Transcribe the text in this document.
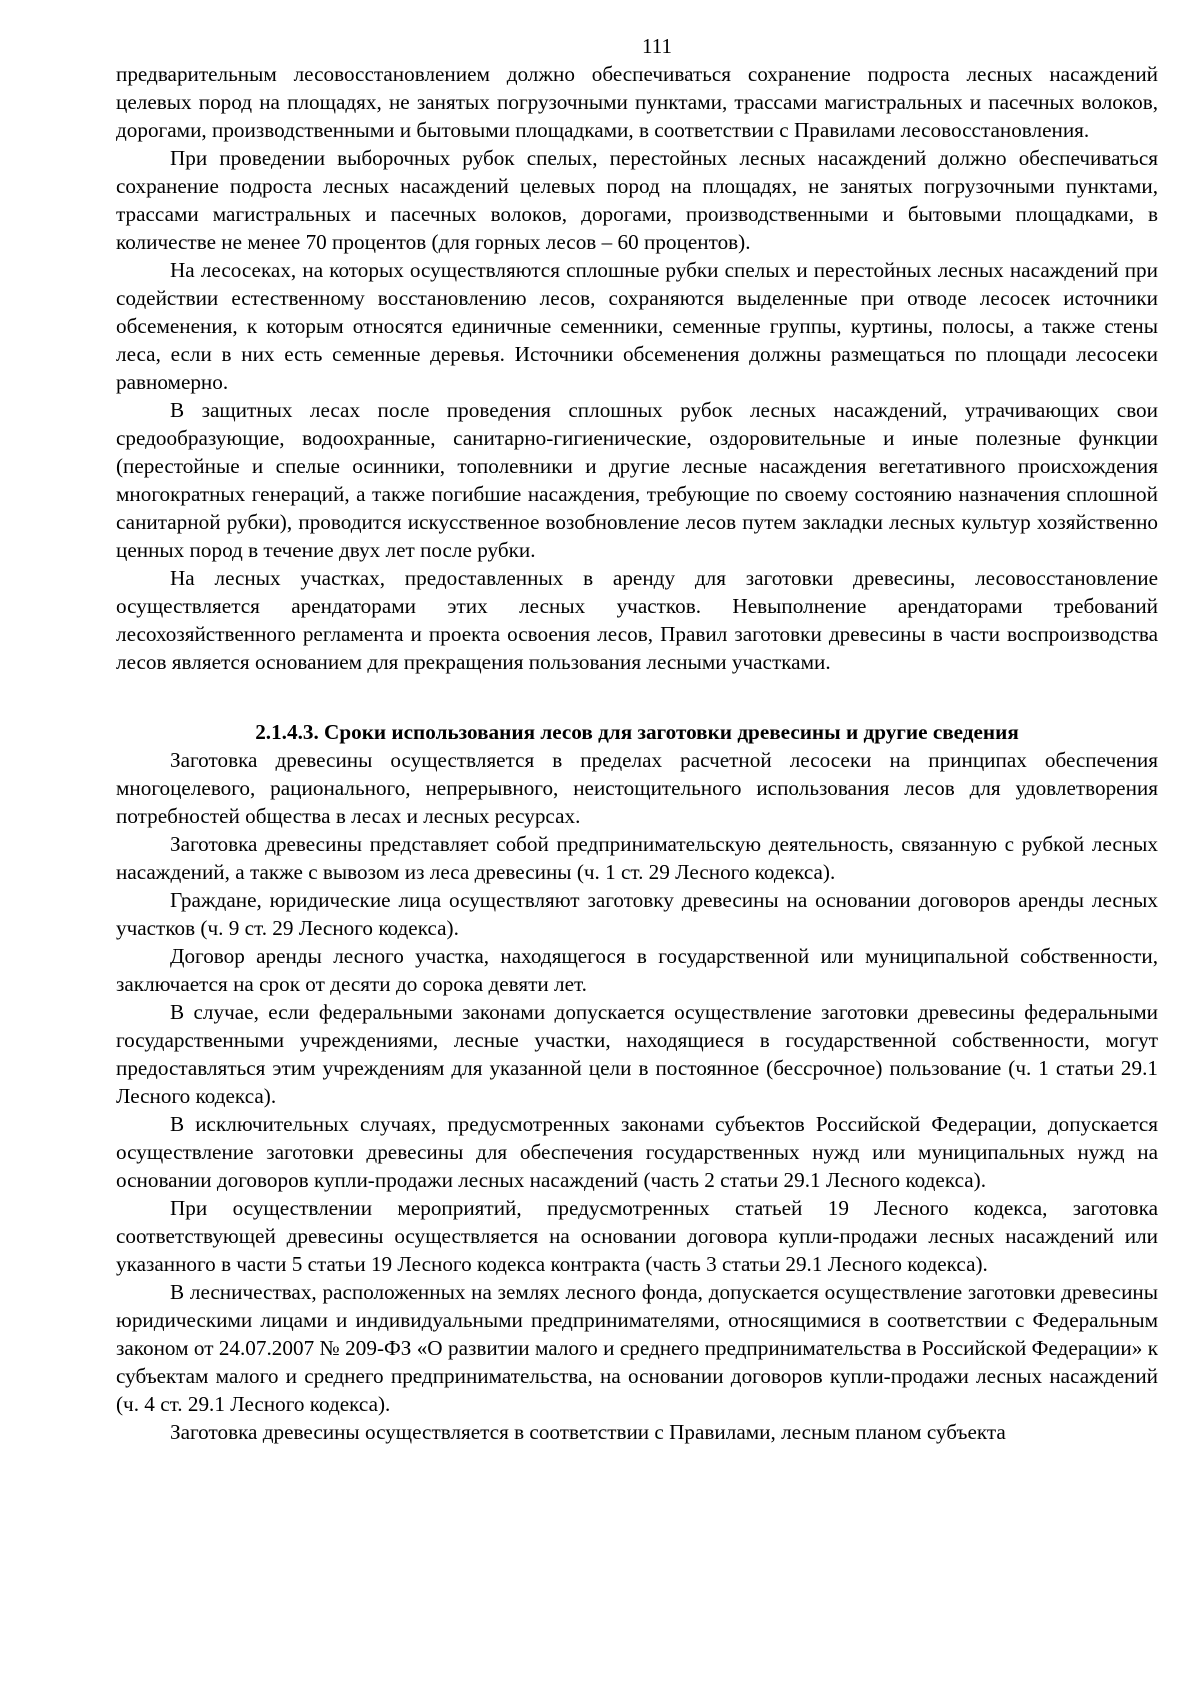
111

предварительным лесовосстановлением должно обеспечиваться сохранение подроста лесных насаждений целевых пород на площадях, не занятых погрузочными пунктами, трассами магистральных и пасечных волоков, дорогами, производственными и бытовыми площадками, в соответствии с Правилами лесовосстановления.

При проведении выборочных рубок спелых, перестойных лесных насаждений должно обеспечиваться сохранение подроста лесных насаждений целевых пород на площадях, не занятых погрузочными пунктами, трассами магистральных и пасечных волоков, дорогами, производственными и бытовыми площадками, в количестве не менее 70 процентов (для горных лесов – 60 процентов).

На лесосеках, на которых осуществляются сплошные рубки спелых и перестойных лесных насаждений при содействии естественному восстановлению лесов, сохраняются выделенные при отводе лесосек источники обсеменения, к которым относятся единичные семенники, семенные группы, куртины, полосы, а также стены леса, если в них есть семенные деревья. Источники обсеменения должны размещаться по площади лесосеки равномерно.

В защитных лесах после проведения сплошных рубок лесных насаждений, утрачивающих свои средообразующие, водоохранные, санитарно-гигиенические, оздоровительные и иные полезные функции (перестойные и спелые осинники, тополевники и другие лесные насаждения вегетативного происхождения многократных генераций, а также погибшие насаждения, требующие по своему состоянию назначения сплошной санитарной рубки), проводится искусственное возобновление лесов путем закладки лесных культур хозяйственно ценных пород в течение двух лет после рубки.

На лесных участках, предоставленных в аренду для заготовки древесины, лесовосстановление осуществляется арендаторами этих лесных участков. Невыполнение арендаторами требований лесохозяйственного регламента и проекта освоения лесов, Правил заготовки древесины в части воспроизводства лесов является основанием для прекращения пользования лесными участками.

2.1.4.3. Сроки использования лесов для заготовки древесины и другие сведения

Заготовка древесины осуществляется в пределах расчетной лесосеки на принципах обеспечения многоцелевого, рационального, непрерывного, неистощительного использования лесов для удовлетворения потребностей общества в лесах и лесных ресурсах.

Заготовка древесины представляет собой предпринимательскую деятельность, связанную с рубкой лесных насаждений, а также с вывозом из леса древесины (ч. 1 ст. 29 Лесного кодекса).

Граждане, юридические лица осуществляют заготовку древесины на основании договоров аренды лесных участков (ч. 9 ст. 29 Лесного кодекса).

Договор аренды лесного участка, находящегося в государственной или муниципальной собственности, заключается на срок от десяти до сорока девяти лет.

В случае, если федеральными законами допускается осуществление заготовки древесины федеральными государственными учреждениями, лесные участки, находящиеся в государственной собственности, могут предоставляться этим учреждениям для указанной цели в постоянное (бессрочное) пользование (ч. 1 статьи 29.1 Лесного кодекса).

В исключительных случаях, предусмотренных законами субъектов Российской Федерации, допускается осуществление заготовки древесины для обеспечения государственных нужд или муниципальных нужд на основании договоров купли-продажи лесных насаждений (часть 2 статьи 29.1 Лесного кодекса).

При осуществлении мероприятий, предусмотренных статьей 19 Лесного кодекса, заготовка соответствующей древесины осуществляется на основании договора купли-продажи лесных насаждений или указанного в части 5 статьи 19 Лесного кодекса контракта (часть 3 статьи 29.1 Лесного кодекса).

В лесничествах, расположенных на землях лесного фонда, допускается осуществление заготовки древесины юридическими лицами и индивидуальными предпринимателями, относящимися в соответствии с Федеральным законом от 24.07.2007 № 209-ФЗ «О развитии малого и среднего предпринимательства в Российской Федерации» к субъектам малого и среднего предпринимательства, на основании договоров купли-продажи лесных насаждений (ч. 4 ст. 29.1 Лесного кодекса).

Заготовка древесины осуществляется в соответствии с Правилами, лесным планом субъекта
